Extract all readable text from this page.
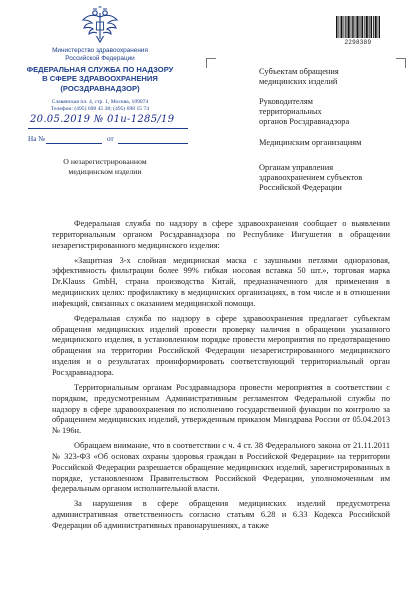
Министерство здравоохранения
Российской Федерации
ФЕДЕРАЛЬНАЯ СЛУЖБА ПО НАДЗОРУ
В СФЕРЕ ЗДРАВООХРАНЕНИЯ
(РОСЗДРАВНАДЗОР)
Славянская пл. 4, стр. 1, Москва, 109074
Телефон: (495) 698 45 38; (495) 698 15 74
20.05.2019 № 01и-1285/19
На №	от
О незарегистрированном
медицинском изделии
2298389
Субъектам обращения
медицинских изделий
Руководителям
территориальных
органов Росздравнадзора
Медицинским организациям
Органам управления
здравоохранением субъектов
Российской Федерации

Федеральная служба по надзору в сфере здравоохранения сообщает о выявлении территориальным органом Росздравнадзора по Республике Ингушетия в обращении незарегистрированного медицинского изделия:

«Защитная 3-х слойная медицинская маска с заушными петлями одноразовая, эффективность фильтрации более 99% гибкая носовая вставка 50 шт.», торговая марка Dr.Klauss GmbH, страна производства Китай, предназначенного для применения в медицинских целях: профилактику в медицинских организациях, в том числе и в отношении инфекций, связанных с оказанием медицинской помощи.

Федеральная служба по надзору в сфере здравоохранения предлагает субъектам обращения медицинских изделий провести проверку наличия в обращении указанного медицинского изделия, в установленном порядке провести мероприятия по предотвращению обращения на территории Российской Федерации незарегистрированного медицинского изделия и о результатах проинформировать соответствующий территориальный орган Росздравнадзора.

Территориальным органам Росздравнадзора провести мероприятия в соответствии с порядком, предусмотренным Административным регламентом Федеральной службы по надзору в сфере здравоохранения по исполнению государственной функции по контролю за обращением медицинских изделий, утвержденным приказом Минздрава России от 05.04.2013 № 196н.

Обращаем внимание, что в соответствии с ч. 4 ст. 38 Федерального закона от 21.11.2011 № 323-ФЗ «Об основах охраны здоровья граждан в Российской Федерации» на территории Российской Федерации разрешается обращение медицинских изделий, зарегистрированных в порядке, установленном Правительством Российской Федерации, уполномоченным им федеральным органом исполнительной власти.

За нарушения в сфере обращения медицинских изделий предусмотрена административная ответственность согласно статьям 6.28 и 6.33 Кодекса Российской Федерации об административных правонарушениях, а также
